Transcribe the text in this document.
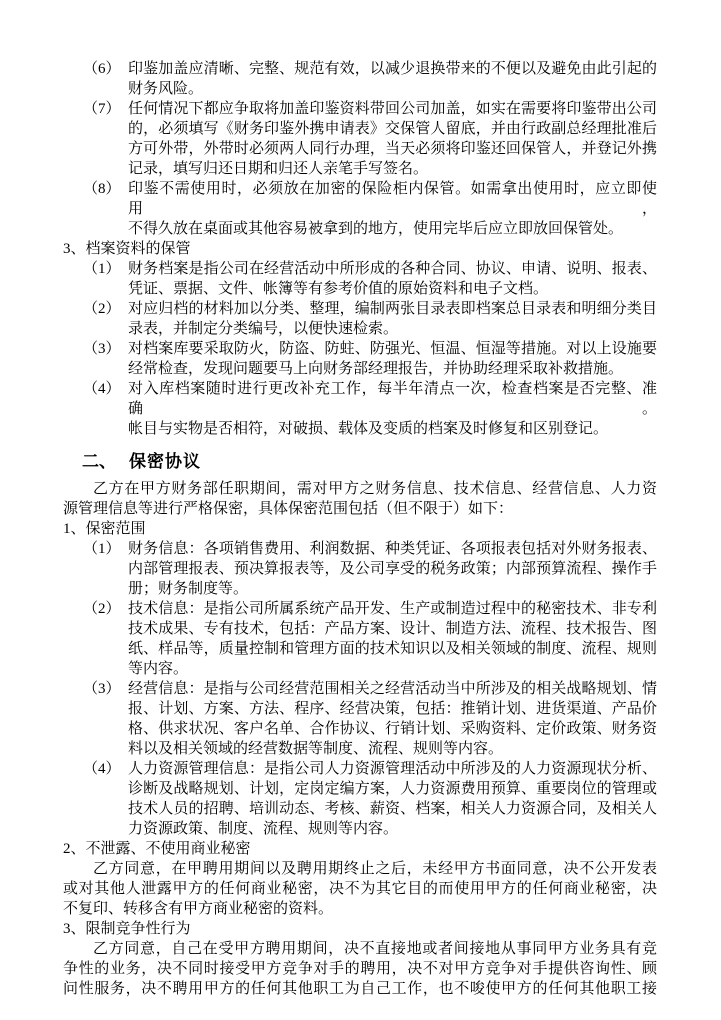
（6） 印鉴加盖应清晰、完整、规范有效，以减少退换带来的不便以及避免由此引起的
财务风险。
（7） 任何情况下都应争取将加盖印鉴资料带回公司加盖，如实在需要将印鉴带出公司
的，必须填写《财务印鉴外携申请表》交保管人留底，并由行政副总经理批准后
方可外带，外带时必须两人同行办理，当天必须将印鉴还回保管人，并登记外携
记录，填写归还日期和归还人亲笔手写签名。
（8） 印鉴不需使用时，必须放在加密的保险柜内保管。如需拿出使用时，应立即使用，
不得久放在桌面或其他容易被拿到的地方，使用完毕后应立即放回保管处。
3、档案资料的保管
（1） 财务档案是指公司在经营活动中所形成的各种合同、协议、申请、说明、报表、
凭证、票据、文件、帐簿等有参考价值的原始资料和电子文档。
（2） 对应归档的材料加以分类、整理，编制两张目录表即档案总目录表和明细分类目
录表，并制定分类编号，以便快速检索。
（3） 对档案库要采取防火，防盗、防蛀、防强光、恒温、恒湿等措施。对以上设施要
经常检查，发现问题要马上向财务部经理报告，并协助经理采取补救措施。
（4） 对入库档案随时进行更改补充工作，每半年清点一次，检查档案是否完整、准确。
帐目与实物是否相符，对破损、载体及变质的档案及时修复和区别登记。
二、 保密协议
乙方在甲方财务部任职期间，需对甲方之财务信息、技术信息、经营信息、人力资
源管理信息等进行严格保密，具体保密范围包括（但不限于）如下：
1、保密范围
（1） 财务信息：各项销售费用、利润数据、种类凭证、各项报表包括对外财务报表、
内部管理报表、预决算报表等，及公司享受的税务政策；内部预算流程、操作手
册；财务制度等。
（2） 技术信息：是指公司所属系统产品开发、生产或制造过程中的秘密技术、非专利
技术成果、专有技术，包括：产品方案、设计、制造方法、流程、技术报告、图
纸、样品等，质量控制和管理方面的技术知识以及相关领域的制度、流程、规则
等内容。
（3） 经营信息：是指与公司经营范围相关之经营活动当中所涉及的相关战略规划、情
报、计划、方案、方法、程序、经营决策，包括：推销计划、进货渠道、产品价
格、供求状况、客户名单、合作协议、行销计划、采购资料、定价政策、财务资
料以及相关领域的经营数据等制度、流程、规则等内容。
（4） 人力资源管理信息：是指公司人力资源管理活动中所涉及的人力资源现状分析、
诊断及战略规划、计划，定岗定编方案，人力资源费用预算、重要岗位的管理或
技术人员的招聘、培训动态、考核、薪资、档案，相关人力资源合同，及相关人
力资源政策、制度、流程、规则等内容。
2、不泄露、不使用商业秘密
乙方同意，在甲聘用期间以及聘用期终止之后，未经甲方书面同意，决不公开发表
或对其他人泄露甲方的任何商业秘密，决不为其它目的而使用甲方的任何商业秘密，决
不复印、转移含有甲方商业秘密的资料。
3、限制竞争性行为
乙方同意，自己在受甲方聘用期间，决不直接地或者间接地从事同甲方业务具有竞
争性的业务，决不同时接受甲方竞争对手的聘用，决不对甲方竞争对手提供咨询性、顾
问性服务，决不聘用甲方的任何其他职工为自己工作，也不唆使甲方的任何其他职工接
